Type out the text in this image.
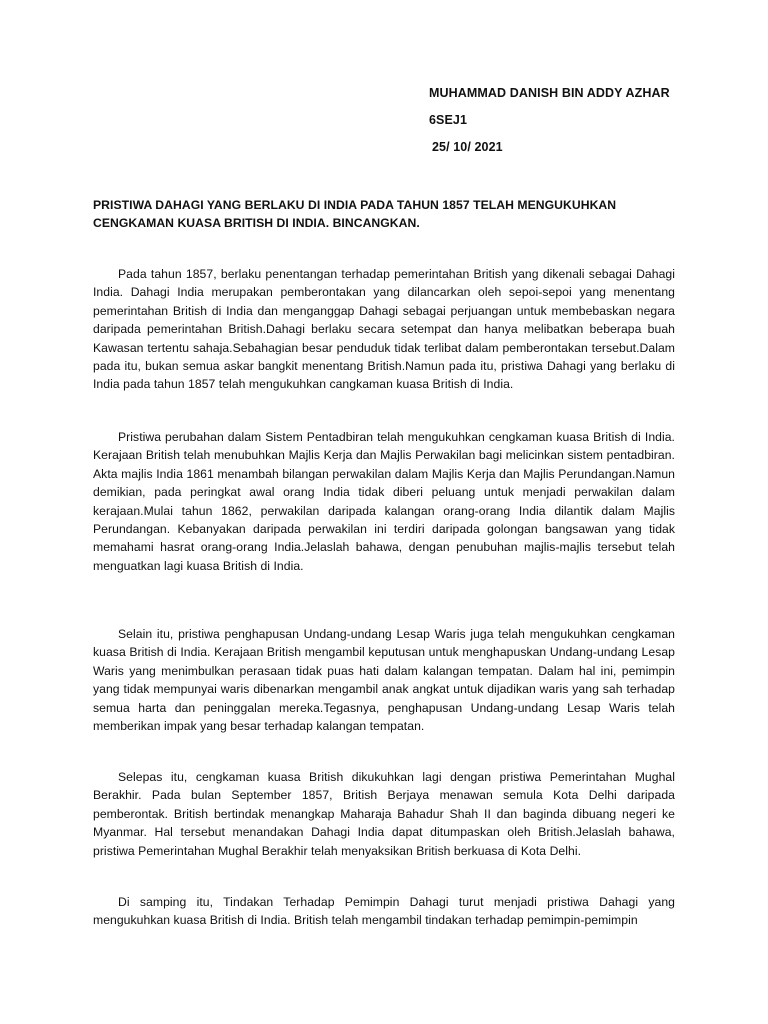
MUHAMMAD DANISH BIN ADDY AZHAR
6SEJ1
25/ 10/ 2021
PRISTIWA DAHAGI YANG BERLAKU DI INDIA PADA TAHUN 1857 TELAH MENGUKUHKAN CENGKAMAN KUASA BRITISH DI INDIA. BINCANGKAN.

Pada tahun 1857, berlaku penentangan terhadap pemerintahan British yang dikenali sebagai Dahagi India. Dahagi India merupakan pemberontakan yang dilancarkan oleh sepoi-sepoi yang menentang pemerintahan British di India dan menganggap Dahagi sebagai perjuangan untuk membebaskan negara daripada pemerintahan British.Dahagi berlaku secara setempat dan hanya melibatkan beberapa buah Kawasan tertentu sahaja.Sebahagian besar penduduk tidak terlibat dalam pemberontakan tersebut.Dalam pada itu, bukan semua askar bangkit menentang British.Namun pada itu, pristiwa Dahagi yang berlaku di India pada tahun 1857 telah mengukuhkan cangkaman kuasa British di India.

Pristiwa perubahan dalam Sistem Pentadbiran telah mengukuhkan cengkaman kuasa British di India. Kerajaan British telah menubuhkan Majlis Kerja dan Majlis Perwakilan bagi melicinkan sistem pentadbiran. Akta majlis India 1861 menambah bilangan perwakilan dalam Majlis Kerja dan Majlis Perundangan.Namun demikian, pada peringkat awal orang India tidak diberi peluang untuk menjadi perwakilan dalam kerajaan.Mulai tahun 1862, perwakilan daripada kalangan orang-orang India dilantik dalam Majlis Perundangan. Kebanyakan daripada perwakilan ini terdiri daripada golongan bangsawan yang tidak memahami hasrat orang-orang India.Jelaslah bahawa, dengan penubuhan majlis-majlis tersebut telah menguatkan lagi kuasa British di India.

Selain itu, pristiwa penghapusan Undang-undang Lesap Waris juga telah mengukuhkan cengkaman kuasa British di India. Kerajaan British mengambil keputusan untuk menghapuskan Undang-undang Lesap Waris yang menimbulkan perasaan tidak puas hati dalam kalangan tempatan. Dalam hal ini, pemimpin yang tidak mempunyai waris dibenarkan mengambil anak angkat untuk dijadikan waris yang sah terhadap semua harta dan peninggalan mereka.Tegasnya, penghapusan Undang-undang Lesap Waris telah memberikan impak yang besar terhadap kalangan tempatan.

Selepas itu, cengkaman kuasa British dikukuhkan lagi dengan pristiwa Pemerintahan Mughal Berakhir. Pada bulan September 1857, British Berjaya menawan semula Kota Delhi daripada pemberontak. British bertindak menangkap Maharaja Bahadur Shah II dan baginda dibuang negeri ke Myanmar. Hal tersebut menandakan Dahagi India dapat ditumpaskan oleh British.Jelaslah bahawa, pristiwa Pemerintahan Mughal Berakhir telah menyaksikan British berkuasa di Kota Delhi.

Di samping itu, Tindakan Terhadap Pemimpin Dahagi turut menjadi pristiwa Dahagi yang mengukuhkan kuasa British di India. British telah mengambil tindakan terhadap pemimpin-pemimpin
